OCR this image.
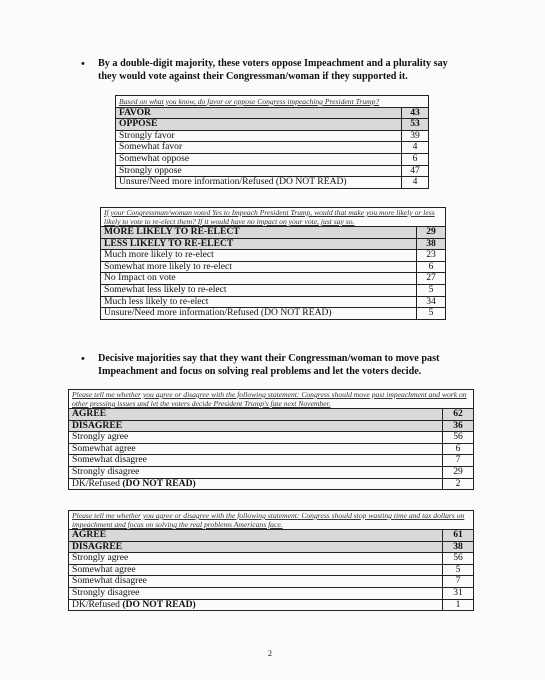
• By a double-digit majority, these voters oppose Impeachment and a plurality say they would vote against their Congressman/woman if they supported it.
Based on what you know, do favor or oppose Congress impeaching President Trump?	
FAVOR	43
OPPOSE	53
Strongly favor	39
Somewhat favor	4
Somewhat oppose	6
Strongly oppose	47
Unsure/Need more information/Refused (DO NOT READ)	4
If your Congressman/woman voted Yes to Impeach President Trump, would that make you more likely or less likely to vote to re-elect them? If it would have no impact on your vote, just say so.	
MORE LIKELY TO RE-ELECT	29
LESS LIKELY TO RE-ELECT	38
Much more likely to re-elect	23
Somewhat more likely to re-elect	6
No Impact on vote	27
Somewhat less likely to re-elect	5
Much less likely to re-elect	34
Unsure/Need more information/Refused (DO NOT READ)	5
• Decisive majorities say that they want their Congressman/woman to move past Impeachment and focus on solving real problems and let the voters decide.
Please tell me whether you agree or disagree with the following statement: Congress should move past impeachment and work on other pressing issues and let the voters decide President Trump's fate next November.	
AGREE	62
DISAGREE	36
Strongly agree	56
Somewhat agree	6
Somewhat disagree	7
Strongly disagree	29
DK/Refused (DO NOT READ)	2
Please tell me whether you agree or disagree with the following statement: Congress should stop wasting time and tax dollars on impeachment and focus on solving the real problems Americans face.	
AGREE	61
DISAGREE	38
Strongly agree	56
Somewhat agree	5
Somewhat disagree	7
Strongly disagree	31
DK/Refused (DO NOT READ)	1
2
